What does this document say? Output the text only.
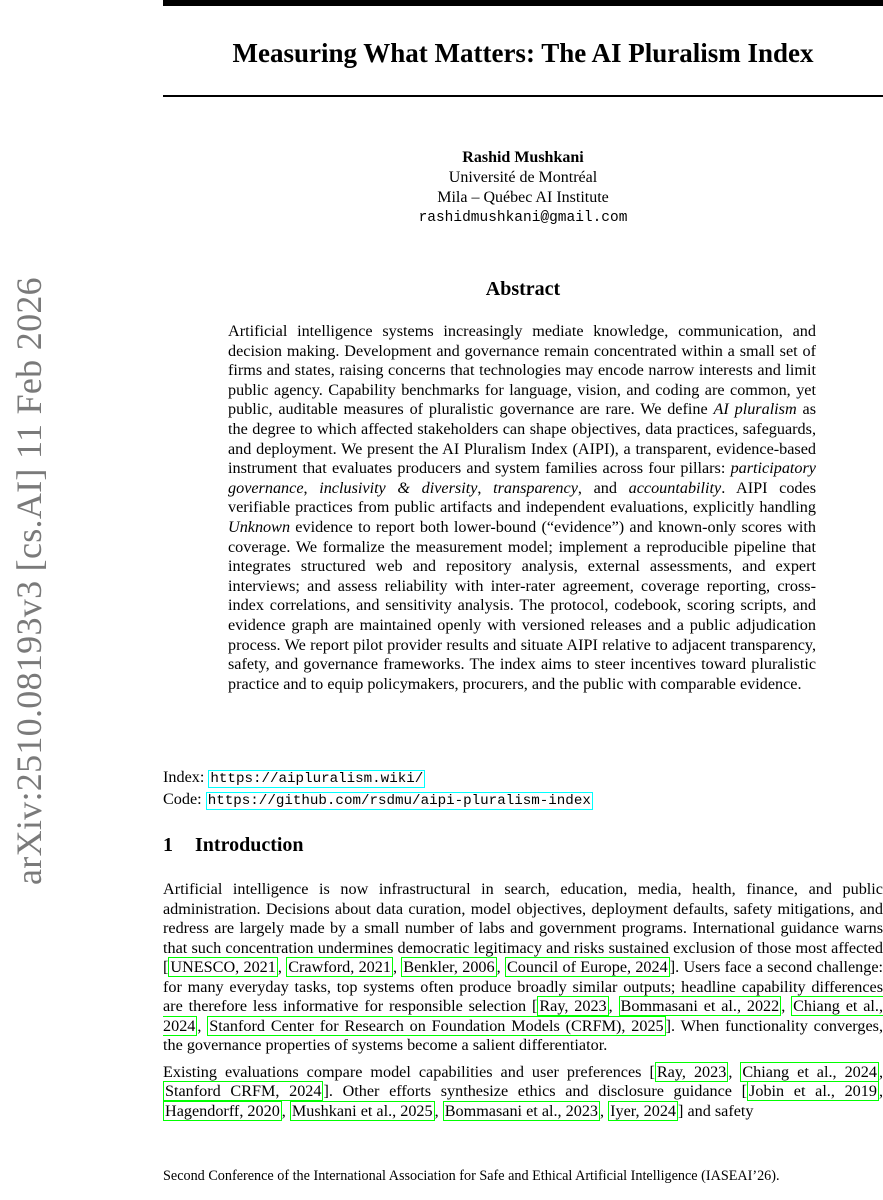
Measuring What Matters: The AI Pluralism Index
arXiv:2510.08193v3 [cs.AI] 11 Feb 2026
Rashid Mushkani
Université de Montréal
Mila – Québec AI Institute
rashidmushkani@gmail.com
Abstract

Artificial intelligence systems increasingly mediate knowledge, communication, and decision making. Development and governance remain concentrated within a small set of firms and states, raising concerns that technologies may encode narrow interests and limit public agency. Capability benchmarks for language, vision, and coding are common, yet public, auditable measures of pluralistic governance are rare. We define AI pluralism as the degree to which affected stakeholders can shape objectives, data practices, safeguards, and deployment. We present the AI Pluralism Index (AIPI), a transparent, evidence-based instrument that evaluates producers and system families across four pillars: participatory governance, inclusivity & diversity, transparency, and accountability. AIPI codes verifiable practices from public artifacts and independent evaluations, explicitly handling Unknown evidence to report both lower-bound (“evidence”) and known-only scores with coverage. We formalize the measurement model; implement a reproducible pipeline that integrates structured web and repository analysis, external assessments, and expert interviews; and assess reliability with inter-rater agreement, coverage reporting, cross-index correlations, and sensitivity analysis. The protocol, codebook, scoring scripts, and evidence graph are maintained openly with versioned releases and a public adjudication process. We report pilot provider results and situate AIPI relative to adjacent transparency, safety, and governance frameworks. The index aims to steer incentives toward pluralistic practice and to equip policymakers, procurers, and the public with comparable evidence.

Index: https://aipluralism.wiki/
Code: https://github.com/rsdmu/aipi-pluralism-index
1 Introduction

Artificial intelligence is now infrastructural in search, education, media, health, finance, and public administration. Decisions about data curation, model objectives, deployment defaults, safety mitigations, and redress are largely made by a small number of labs and government programs. International guidance warns that such concentration undermines democratic legitimacy and risks sustained exclusion of those most affected [ UNESCO, 2021 , Crawford, 2021 , Benkler, 2006 , Council of Europe, 2024 ]. Users face a second challenge: for many everyday tasks, top systems often produce broadly similar outputs; headline capability differences are therefore less informative for responsible selection [ Ray, 2023 , Bommasani et al., 2022 , Chiang et al., 2024 , Stanford Center for Research on Foundation Models (CRFM), 2025 ]. When functionality converges, the governance properties of systems become a salient differentiator.

Existing evaluations compare model capabilities and user preferences [ Ray, 2023 , Chiang et al., 2024 , Stanford CRFM, 2024 ]. Other efforts synthesize ethics and disclosure guidance [ Jobin et al., 2019 , Hagendorff, 2020 , Mushkani et al., 2025 , Bommasani et al., 2023 , Iyer, 2024 ] and safety

Second Conference of the International Association for Safe and Ethical Artificial Intelligence (IASEAI’26).
